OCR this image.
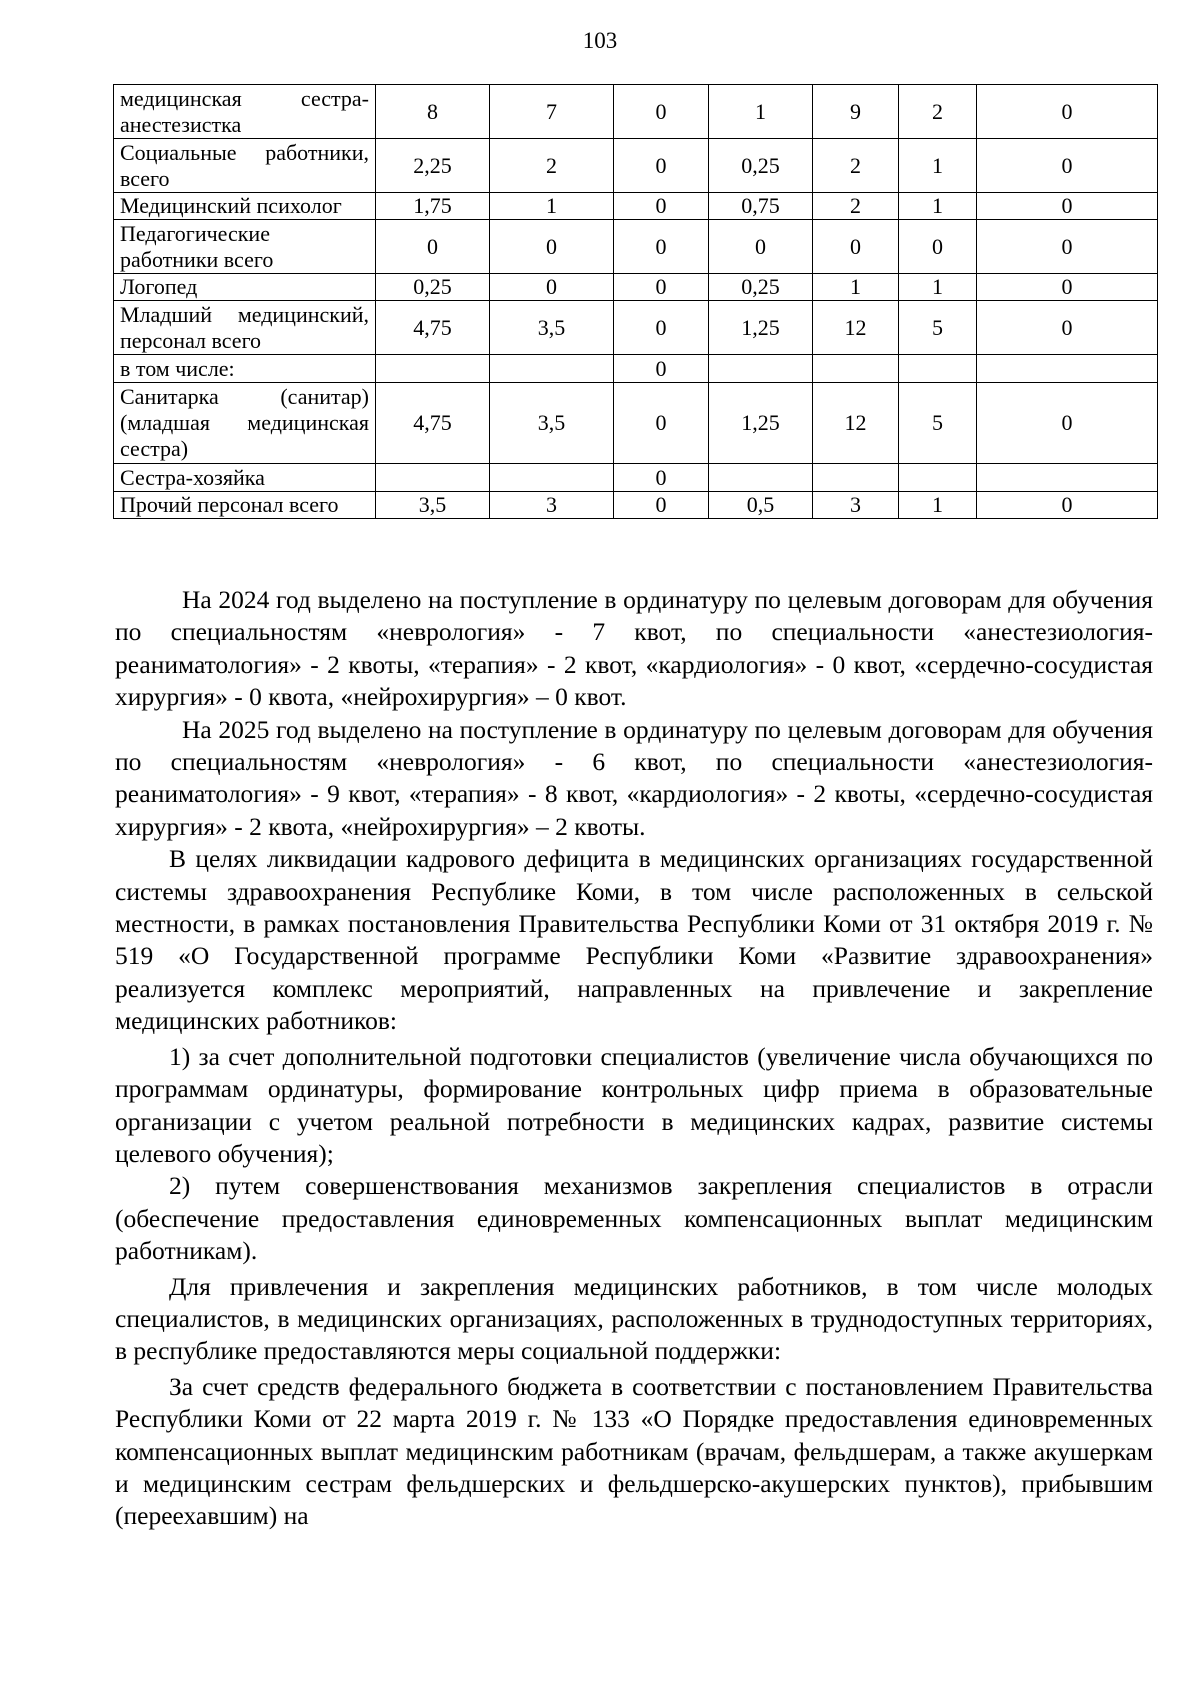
103
медицинская сестра-анестезистка	8	7	0	1	9	2	0
Социальные работники, всего	2,25	2	0	0,25	2	1	0
Медицинский психолог	1,75	1	0	0,75	2	1	0
Педагогические работники всего	0	0	0	0	0	0	0
Логопед	0,25	0	0	0,25	1	1	0
Младший медицинский, персонал всего	4,75	3,5	0	1,25	12	5	0
в том числе:			0				
Санитарка (санитар) (младшая медицинская сестра)	4,75	3,5	0	1,25	12	5	0
Сестра-хозяйка			0				
Прочий персонал всего	3,5	3	0	0,5	3	1	0

На 2024 год выделено на поступление в ординатуру по целевым договорам для обучения по специальностям «неврология» - 7 квот, по специальности «анестезиология-реаниматология» - 2 квоты, «терапия» - 2 квот, «кардиология» - 0 квот, «сердечно-сосудистая хирургия» - 0 квота, «нейрохирургия» – 0 квот.

На 2025 год выделено на поступление в ординатуру по целевым договорам для обучения по специальностям «неврология» - 6 квот, по специальности «анестезиология-реаниматология» - 9 квот, «терапия» - 8 квот, «кардиология» - 2 квоты, «сердечно-сосудистая хирургия» - 2 квота, «нейрохирургия» – 2 квоты.

В целях ликвидации кадрового дефицита в медицинских организациях государственной системы здравоохранения Республике Коми, в том числе расположенных в сельской местности, в рамках постановления Правительства Республики Коми от 31 октября 2019 г. № 519 «О Государственной программе Республики Коми «Развитие здравоохранения» реализуется комплекс мероприятий, направленных на привлечение и закрепление медицинских работников:

1) за счет дополнительной подготовки специалистов (увеличение числа обучающихся по программам ординатуры, формирование контрольных цифр приема в образовательные организации с учетом реальной потребности в медицинских кадрах, развитие системы целевого обучения);

2) путем совершенствования механизмов закрепления специалистов в отрасли (обеспечение предоставления единовременных компенсационных выплат медицинским работникам).

Для привлечения и закрепления медицинских работников, в том числе молодых специалистов, в медицинских организациях, расположенных в труднодоступных территориях, в республике предоставляются меры социальной поддержки:

За счет средств федерального бюджета в соответствии с постановлением Правительства Республики Коми от 22 марта 2019 г. № 133 «О Порядке предоставления единовременных компенсационных выплат медицинским работникам (врачам, фельдшерам, а также акушеркам и медицинским сестрам фельдшерских и фельдшерско-акушерских пунктов), прибывшим (переехавшим) на
